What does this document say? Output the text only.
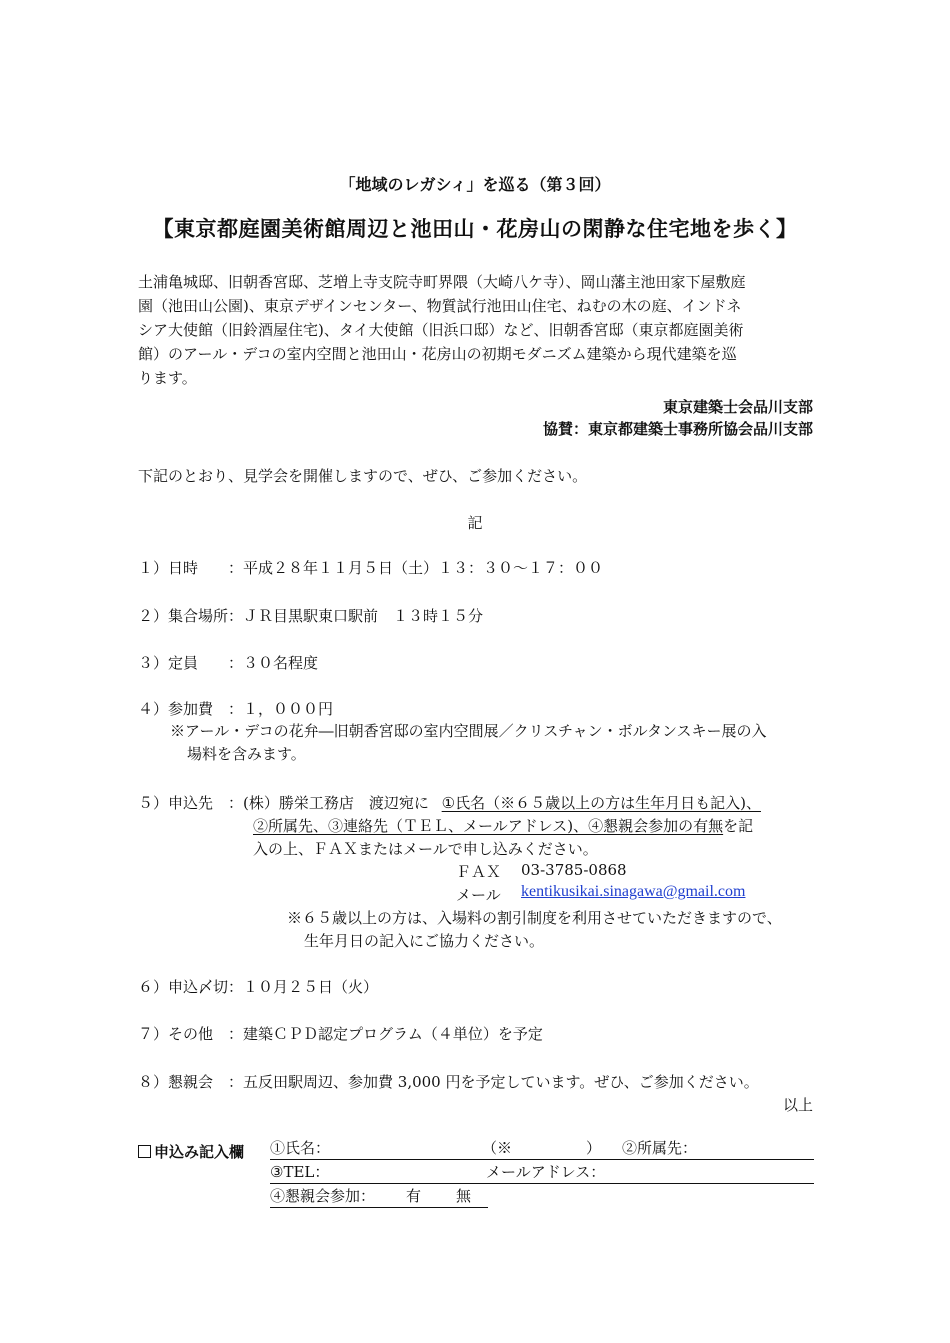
「地域のレガシィ」を巡る（第３回）
【東京都庭園美術館周辺と池田山・花房山の閑静な住宅地を歩く】
土浦亀城邸、旧朝香宮邸、芝増上寺支院寺町界隈（大崎八ケ寺）、岡山藩主池田家下屋敷庭
園（池田山公園)、東京デザインセンター、物質試行池田山住宅、ねむの木の庭、インドネ
シア大使館（旧鈴酒屋住宅)、タイ大使館（旧浜口邸）など、旧朝香宮邸（東京都庭園美術
館）のアール・デコの室内空間と池田山・花房山の初期モダニズム建築から現代建築を巡
ります。
東京建築士会品川支部
協賛：東京都建築士事務所協会品川支部
下記のとおり、見学会を開催しますので、ぜひ、ご参加ください。
記
１）日時　　：平成２８年１１月５日（土）１３：３０～１７：００
２）集合場所：ＪＲ目黒駅東口駅前　１３時１５分
３）定員　　：３０名程度
４）参加費　：１，０００円
※アール・デコの花弁―旧朝香宮邸の室内空間展／クリスチャン・ボルタンスキー展の入
場料を含みます。
５）申込先　：(株）勝栄工務店　渡辺宛に ①氏名（※６５歳以上の方は生年月日も記入)、
②所属先、③連絡先（ＴＥＬ、メールアドレス)、④懇親会参加の有無を記
入の上、ＦＡＸまたはメールで申し込みください。
ＦＡＸ 03-3785-0868
メール kentikusikai.sinagawa@gmail.com
※６５歳以上の方は、入場料の割引制度を利用させていただきますので、
生年月日の記入にご協力ください。
６）申込〆切：１０月２５日（火）
７）その他　：建築ＣＰＤ認定プログラム（４単位）を予定
８）懇親会　：五反田駅周辺、参加費 3,000 円を予定しています。ぜひ、ご参加ください。
以上
申込み記入欄 ①氏名：	（※	） ②所属先：
③TEL：	メールアドレス：
④懇親会参加： 有 無
